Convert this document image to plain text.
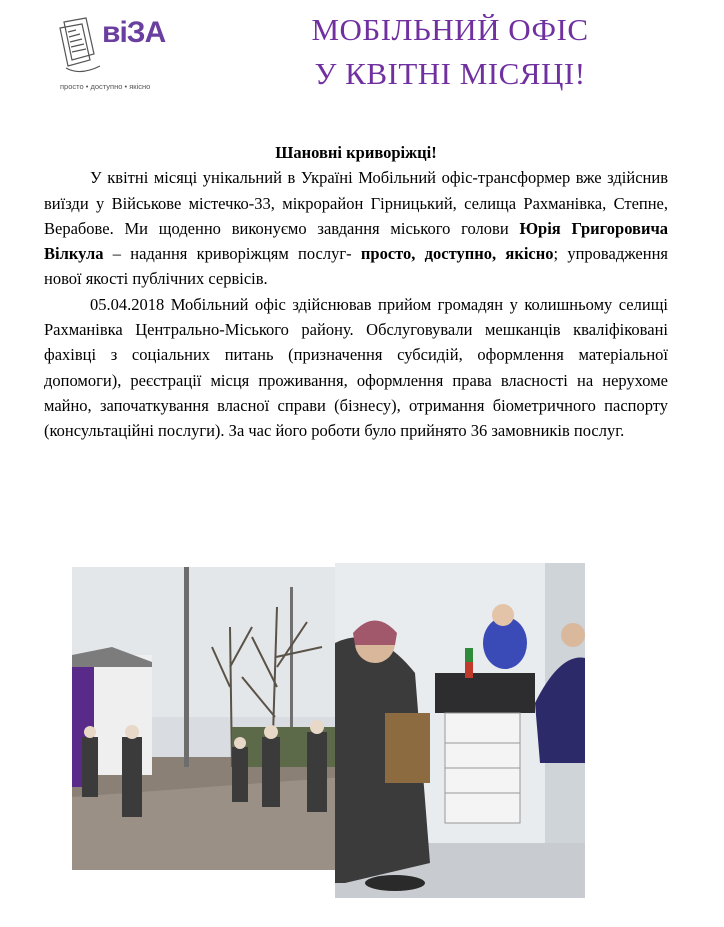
віЗА
просто • доступно • якісно
МОБІЛЬНИЙ ОФІС
У КВІТНІ МІСЯЦІ!

Шановні криворіжці!

У квітні місяці унікальний в Україні Мобільний офіс-трансформер вже здійснив виїзди у Військове містечко-33, мікрорайон Гірницький, селища Рахманівка, Степне, Верабове. Ми щоденно виконуємо завдання міського голови Юрія Григоровича Вілкула – надання криворіжцям послуг- просто, доступно, якісно; упровадження нової якості публічних сервісів.

05.04.2018 Мобільний офіс здійснював прийом громадян у колишньому селищі Рахманівка Центрально-Міського району. Обслуговували мешканців кваліфіковані фахівці з соціальних питань (призначення субсидій, оформлення матеріальної допомоги), реєстрації місця проживання, оформлення права власності на нерухоме майно, започаткування власної справи (бізнесу), отримання біометричного паспорту (консультаційні послуги). За час його роботи було прийнято 36 замовників послуг.
